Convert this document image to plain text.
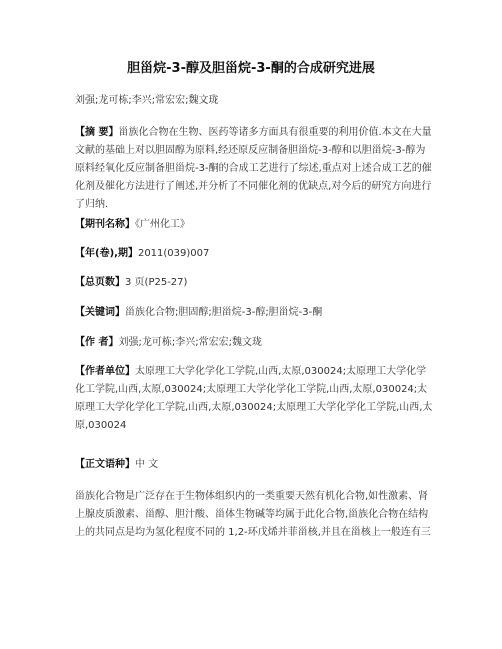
胆甾烷-3-醇及胆甾烷-3-酮的合成研究进展
刘强;龙可栋;李兴;常宏宏;魏文珑
【摘 要】甾族化合物在生物、医药等诸多方面具有很重要的利用价值.本文在大量文献的基础上对以胆固醇为原料,经还原反应制备胆甾烷-3-醇和以胆甾烷-3-醇为原料经氧化反应制备胆甾烷-3-酮的合成工艺进行了综述,重点对上述合成工艺的催化剂及催化方法进行了阐述,并分析了不同催化剂的优缺点,对今后的研究方向进行了归纳.
【期刊名称】《广州化工》
【年(卷),期】2011(039)007
【总页数】3 页(P25-27)
【关键词】甾族化合物;胆固醇;胆甾烷-3-醇;胆甾烷-3-酮
【作 者】刘强;龙可栋;李兴;常宏宏;魏文珑
【作者单位】太原理工大学化学化工学院,山西,太原,030024;太原理工大学化学化工学院,山西,太原,030024;太原理工大学化学化工学院,山西,太原,030024;太原理工大学化学化工学院,山西,太原,030024;太原理工大学化学化工学院,山西,太原,030024
【正文语种】中 文
甾族化合物是广泛存在于生物体组织内的一类重要天然有机化合物,如性激素、肾上腺皮质激素、甾醇、胆汁酸、甾体生物碱等均属于此化合物,甾族化合物在结构上的共同点是均为氢化程度不同的 1,2-环戊烯并菲甾核,并且在甾核上一般连有三
